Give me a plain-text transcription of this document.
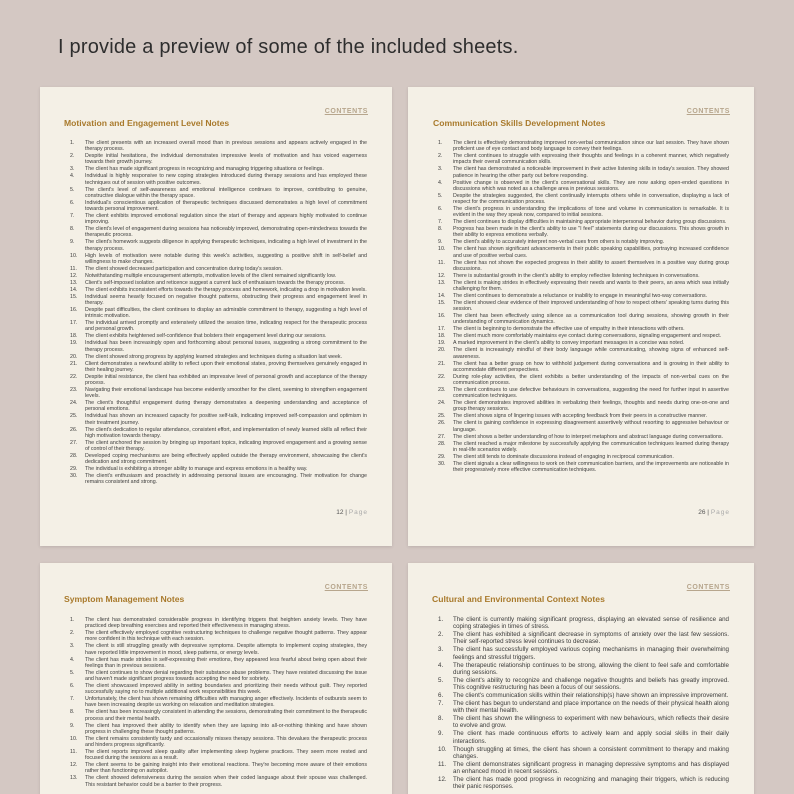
I provide a preview of some of the included sheets.
CONTENTS
Motivation and Engagement Level Notes
1. The client presents with an increased overall mood than in previous sessions and appears actively engaged in the therapy process.
2. Despite initial hesitations, the individual demonstrates impressive levels of motivation and has voiced eagerness towards their growth journey.
3. The client has made significant progress in recognizing and managing triggering situations or feelings.
4. Individual is highly responsive to new coping strategies introduced during therapy sessions and has employed these techniques out of session with positive outcomes.
5. The client's level of self-awareness and emotional intelligence continues to improve, contributing to genuine, constructive dialogue within the therapy space.
6. Individual's conscientious application of therapeutic techniques discussed demonstrates a high level of commitment towards personal improvement.
7. The client exhibits improved emotional regulation since the start of therapy and appears highly motivated to continue improving.
8. The client's level of engagement during sessions has noticeably improved, demonstrating open-mindedness towards the therapeutic process.
9. The client's homework suggests diligence in applying therapeutic techniques, indicating a high level of investment in the therapy process.
10. High levels of motivation were notable during this week's activities, suggesting a positive shift in self-belief and willingness to make changes.
11. The client showed decreased participation and concentration during today's session.
12. Notwithstanding multiple encouragement attempts, motivation levels of the client remained significantly low.
13. Client's self-imposed isolation and reticence suggest a current lack of enthusiasm towards the therapy process.
14. The client exhibits inconsistent efforts towards the therapy process and homework, indicating a drop in motivation levels.
15. Individual seems heavily focused on negative thought patterns, obstructing their progress and engagement level in therapy.
16. Despite past difficulties, the client continues to display an admirable commitment to therapy, suggesting a high level of intrinsic motivation.
17. The individual arrived promptly and extensively utilized the session time, indicating respect for the therapeutic process and personal growth.
18. The client exhibits heightened self-confidence that bolsters their engagement level during our sessions.
19. Individual has been increasingly open and forthcoming about personal issues, suggesting a strong commitment to the therapy process.
20. The client showed strong progress by applying learned strategies and techniques during a situation last week.
21. Client demonstrates a newfound ability to reflect upon their emotional states, proving themselves genuinely engaged in their healing journey.
22. Despite initial resistance, the client has exhibited an impressive level of personal growth and acceptance of the therapy process.
23. Navigating their emotional landscape has become evidently smoother for the client, seeming to strengthen engagement levels.
24. The client's thoughtful engagement during therapy demonstrates a deepening understanding and acceptance of personal emotions.
25. Individual has shown an increased capacity for positive self-talk, indicating improved self-compassion and optimism in their treatment journey.
26. The client's dedication to regular attendance, consistent effort, and implementation of newly learned skills all reflect their high motivation towards therapy.
27. The client anchored the session by bringing up important topics, indicating improved engagement and a growing sense of control of their therapy.
28. Developed coping mechanisms are being effectively applied outside the therapy environment, showcasing the client's dedication and strong commitment.
29. The individual is exhibiting a stronger ability to manage and express emotions in a healthy way.
30. The client's enthusiasm and proactivity in addressing personal issues are encouraging. Their motivation for change remains consistent and strong.
12 | Page
CONTENTS
Communication Skills Development Notes
1. The client is effectively demonstrating improved non-verbal communication since our last session. They have shown proficient use of eye contact and body language to convey their feelings.
2. The client continues to struggle with expressing their thoughts and feelings in a coherent manner, which negatively impacts their overall communication skills.
3. The client has demonstrated a noticeable improvement in their active listening skills in today's session. They showed patience in hearing the other party out before responding.
4. Positive change is observed in the client's conversational skills. They are now asking open-ended questions in discussions which was noted as a challenge area in previous sessions.
5. Despite the strategies suggested, the client continually interrupts others while in conversation, displaying a lack of respect for the communication process.
6. The client's progress in understanding the implications of tone and volume in communication is remarkable. It is evident in the way they speak now, compared to initial sessions.
7. The client continues to display difficulties in maintaining appropriate interpersonal behavior during group discussions.
8. Progress has been made in the client's ability to use "I feel" statements during our discussions. This shows growth in their ability to express emotions verbally.
9. The client's ability to accurately interpret non-verbal cues from others is notably improving.
10. The client has shown significant advancements in their public speaking capabilities, portraying increased confidence and use of positive verbal cues.
11. The client has not shown the expected progress in their ability to assert themselves in a positive way during group discussions.
12. There is substantial growth in the client's ability to employ reflective listening techniques in conversations.
13. The client is making strides in effectively expressing their needs and wants to their peers, an area which was initially challenging for them.
14. The client continues to demonstrate a reluctance or inability to engage in meaningful two-way conversations.
15. The client showed clear evidence of their improved understanding of how to respect others' speaking turns during this session.
16. The client has been effectively using silence as a communication tool during sessions, showing growth in their understanding of communication dynamics.
17. The client is beginning to demonstrate the effective use of empathy in their interactions with others.
18. The client much more comfortably maintains eye contact during conversations, signaling engagement and respect.
19. A marked improvement in the client's ability to convey important messages in a concise was noted.
20. The client is increasingly mindful of their body language while communicating, showing signs of enhanced self-awareness.
21. The client has a better grasp on how to withhold judgement during conversations and is growing in their ability to accommodate different perspectives.
22. During role-play activities, the client exhibits a better understanding of the impacts of non-verbal cues on the communication process.
23. The client continues to use defective behaviours in conversations, suggesting the need for further input in assertive communication techniques.
24. The client demonstrates improved abilities in verbalizing their feelings, thoughts and needs during one-on-one and group therapy sessions.
25. The client shows signs of lingering issues with accepting feedback from their peers in a constructive manner.
26. The client is gaining confidence in expressing disagreement assertively without resorting to aggressive behaviour or language.
27. The client shows a better understanding of how to interpret metaphors and abstract language during conversations.
28. The client reached a major milestone by successfully applying the communication techniques learned during therapy in real-life scenarios widely.
29. The client still tends to dominate discussions instead of engaging in reciprocal communication.
30. The client signals a clear willingness to work on their communication barriers, and the improvements are noticeable in their progressively more effective communication techniques.
26 | Page
CONTENTS
Symptom Management Notes
1. The client has demonstrated considerable progress in identifying triggers that heighten anxiety levels. They have practiced deep breathing exercises and reported their effectiveness in managing stress.
2. The client effectively employed cognitive restructuring techniques to challenge negative thought patterns. They appear more confident in this technique with each session.
3. The client is still struggling greatly with depressive symptoms. Despite attempts to implement coping strategies, they have reported little improvement in mood, sleep patterns, or energy levels.
4. The client has made strides in self-expressing their emotions, they appeared less fearful about being open about their feelings than in previous sessions.
5. The client continues to show denial regarding their substance abuse problems. They have resisted discussing the issue and haven't made significant progress towards accepting the need for sobriety.
6. The client showcased improved ability in setting boundaries and prioritizing their needs without guilt. They reported successfully saying no to multiple additional work responsibilities this week.
7. Unfortunately, the client has shown remaining difficulties with managing anger effectively. Incidents of outbursts seem to have been increasing despite us working on relaxation and meditation strategies.
8. The client has been increasingly consistent in attending the sessions, demonstrating their commitment to the therapeutic process and their mental health.
9. The client has improved their ability to identify when they are lapsing into all-or-nothing thinking and have shown progress in challenging these thought patterns.
10. The client remains consistently tardy and occasionally misses therapy sessions. This devalues the therapeutic process and hinders progress significantly.
11. The client reports improved sleep quality after implementing sleep hygiene practices. They seem more rested and focused during the sessions as a result.
12. The client seems to be gaining insight into their emotional reactions. They're becoming more aware of their emotions rather than functioning on autopilot.
13. The client showed defensiveness during the session when their coded language about their spouse was challenged. This resistant behavior could be a barrier to their progress.
CONTENTS
Cultural and Environmental Context Notes
1. The client is currently making significant progress, displaying an elevated sense of resilience and coping strategies in times of stress.
2. The client has exhibited a significant decrease in symptoms of anxiety over the last few sessions. Their self-reported stress level continues to decrease.
3. The client has successfully employed various coping mechanisms in managing their overwhelming feelings and stressful triggers.
4. The therapeutic relationship continues to be strong, allowing the client to feel safe and comfortable during sessions.
5. The client's ability to recognize and challenge negative thoughts and beliefs has greatly improved. This cognitive restructuring has been a focus of our sessions.
6. The client's communication skills within their relationship(s) have shown an impressive improvement.
7. The client has begun to understand and place importance on the needs of their physical health along with their mental health.
8. The client has shown the willingness to experiment with new behaviours, which reflects their desire to evolve and grow.
9. The client has made continuous efforts to actively learn and apply social skills in their daily interactions.
10. Though struggling at times, the client has shown a consistent commitment to therapy and making changes.
11. The client demonstrates significant progress in managing depressive symptoms and has displayed an enhanced mood in recent sessions.
12. The client has made good progress in recognizing and managing their triggers, which is reducing their panic responses.
